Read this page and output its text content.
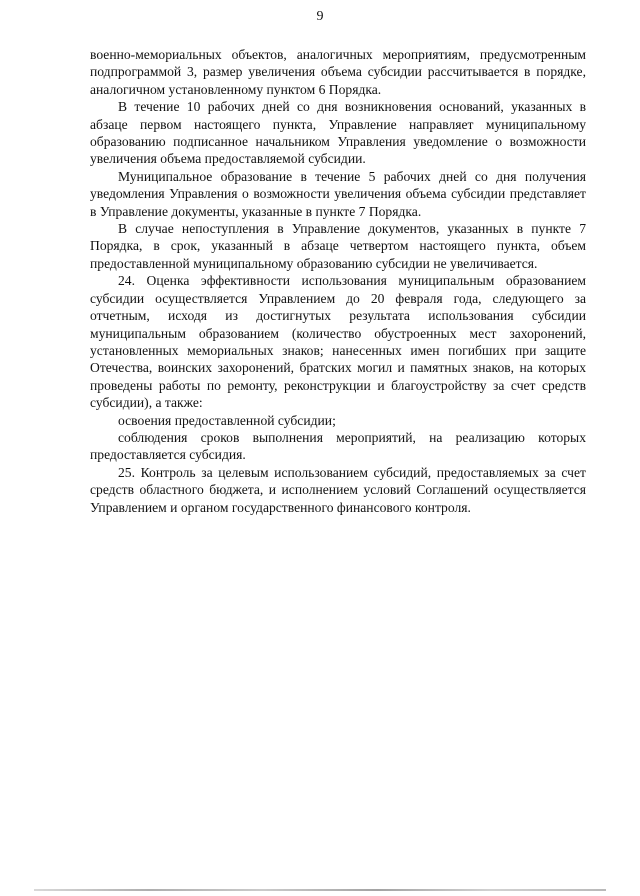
9

военно-мемориальных объектов, аналогичных мероприятиям, предусмотренным подпрограммой 3, размер увеличения объема субсидии рассчитывается в порядке, аналогичном установленному пунктом 6 Порядка.

В течение 10 рабочих дней со дня возникновения оснований, указанных в абзаце первом настоящего пункта, Управление направляет муниципальному образованию подписанное начальником Управления уведомление о возможности увеличения объема предоставляемой субсидии.

Муниципальное образование в течение 5 рабочих дней со дня получения уведомления Управления о возможности увеличения объема субсидии представляет в Управление документы, указанные в пункте 7 Порядка.

В случае непоступления в Управление документов, указанных в пункте 7 Порядка, в срок, указанный в абзаце четвертом настоящего пункта, объем предоставленной муниципальному образованию субсидии не увеличивается.

24. Оценка эффективности использования муниципальным образованием субсидии осуществляется Управлением до 20 февраля года, следующего за отчетным, исходя из достигнутых результата использования субсидии муниципальным образованием (количество обустроенных мест захоронений, установленных мемориальных знаков; нанесенных имен погибших при защите Отечества, воинских захоронений, братских могил и памятных знаков, на которых проведены работы по ремонту, реконструкции и благоустройству за счет средств субсидии), а также:

освоения предоставленной субсидии;

соблюдения сроков выполнения мероприятий, на реализацию которых предоставляется субсидия.

25. Контроль за целевым использованием субсидий, предоставляемых за счет средств областного бюджета, и исполнением условий Соглашений осуществляется Управлением и органом государственного финансового контроля.
